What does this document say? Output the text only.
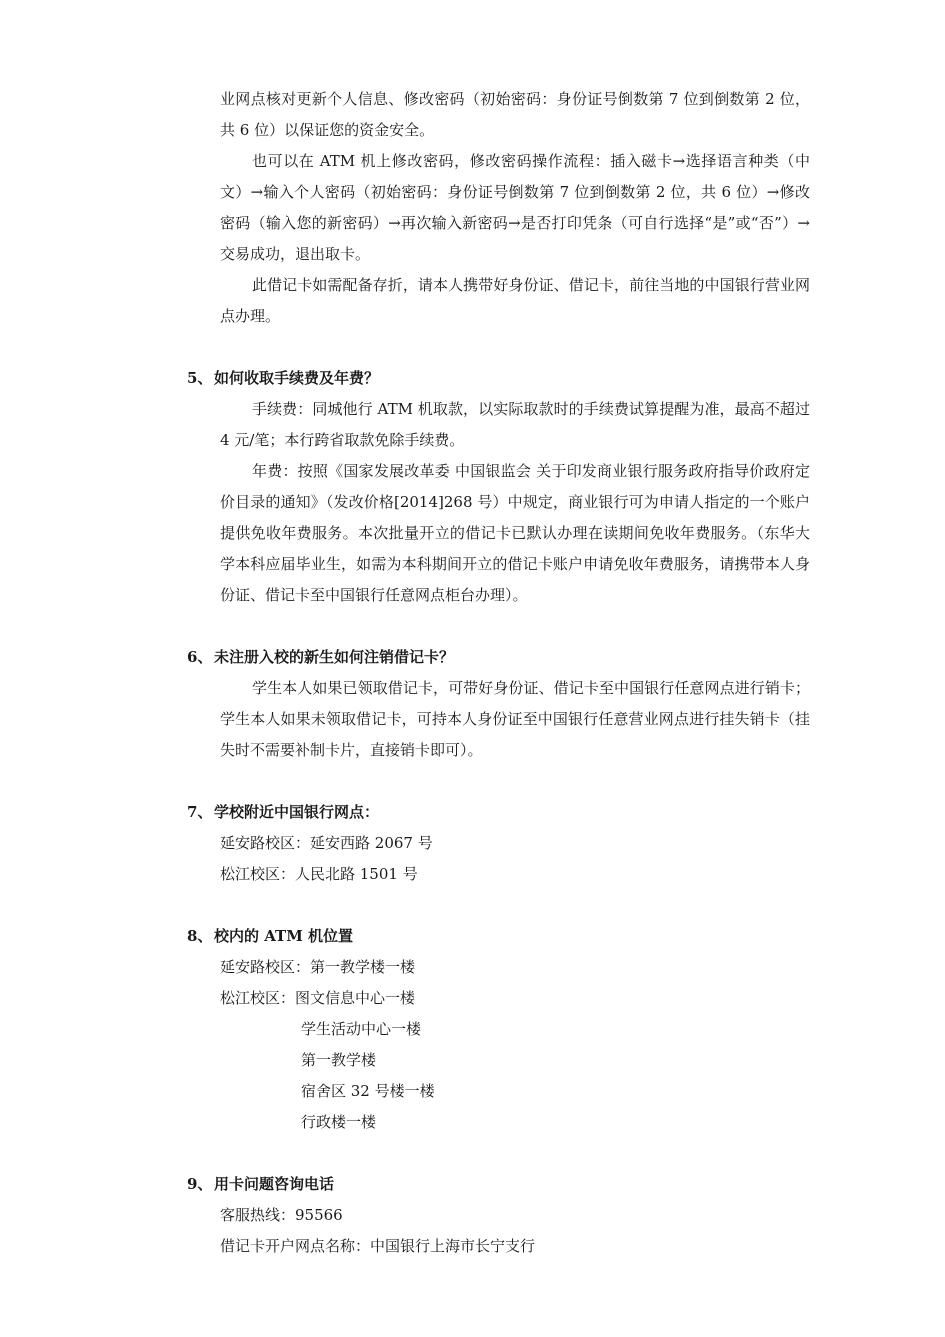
业网点核对更新个人信息、修改密码（初始密码：身份证号倒数第 7 位到倒数第 2 位，共 6 位）以保证您的资金安全。

也可以在 ATM 机上修改密码，修改密码操作流程：插入磁卡→选择语言种类（中文）→输入个人密码（初始密码：身份证号倒数第 7 位到倒数第 2 位，共 6 位）→修改密码（输入您的新密码）→再次输入新密码→是否打印凭条（可自行选择“是”或“否”）→交易成功，退出取卡。

此借记卡如需配备存折，请本人携带好身份证、借记卡，前往当地的中国银行营业网点办理。

5、 如何收取手续费及年费？

手续费：同城他行 ATM 机取款，以实际取款时的手续费试算提醒为准，最高不超过 4 元/笔；本行跨省取款免除手续费。

年费：按照《国家发展改革委 中国银监会 关于印发商业银行服务政府指导价政府定价目录的通知》（发改价格[2014]268 号）中规定，商业银行可为申请人指定的一个账户提供免收年费服务。本次批量开立的借记卡已默认办理在读期间免收年费服务。（东华大学本科应届毕业生，如需为本科期间开立的借记卡账户申请免收年费服务，请携带本人身份证、借记卡至中国银行任意网点柜台办理）。

6、 未注册入校的新生如何注销借记卡？

学生本人如果已领取借记卡，可带好身份证、借记卡至中国银行任意网点进行销卡；学生本人如果未领取借记卡，可持本人身份证至中国银行任意营业网点进行挂失销卡（挂失时不需要补制卡片，直接销卡即可）。

7、 学校附近中国银行网点：

延安路校区：延安西路 2067 号

松江校区：人民北路 1501 号

8、 校内的 ATM 机位置

延安路校区：第一教学楼一楼

松江校区：图文信息中心一楼

学生活动中心一楼

第一教学楼

宿舍区 32 号楼一楼

行政楼一楼

9、 用卡问题咨询电话

客服热线：95566

借记卡开户网点名称：中国银行上海市长宁支行
